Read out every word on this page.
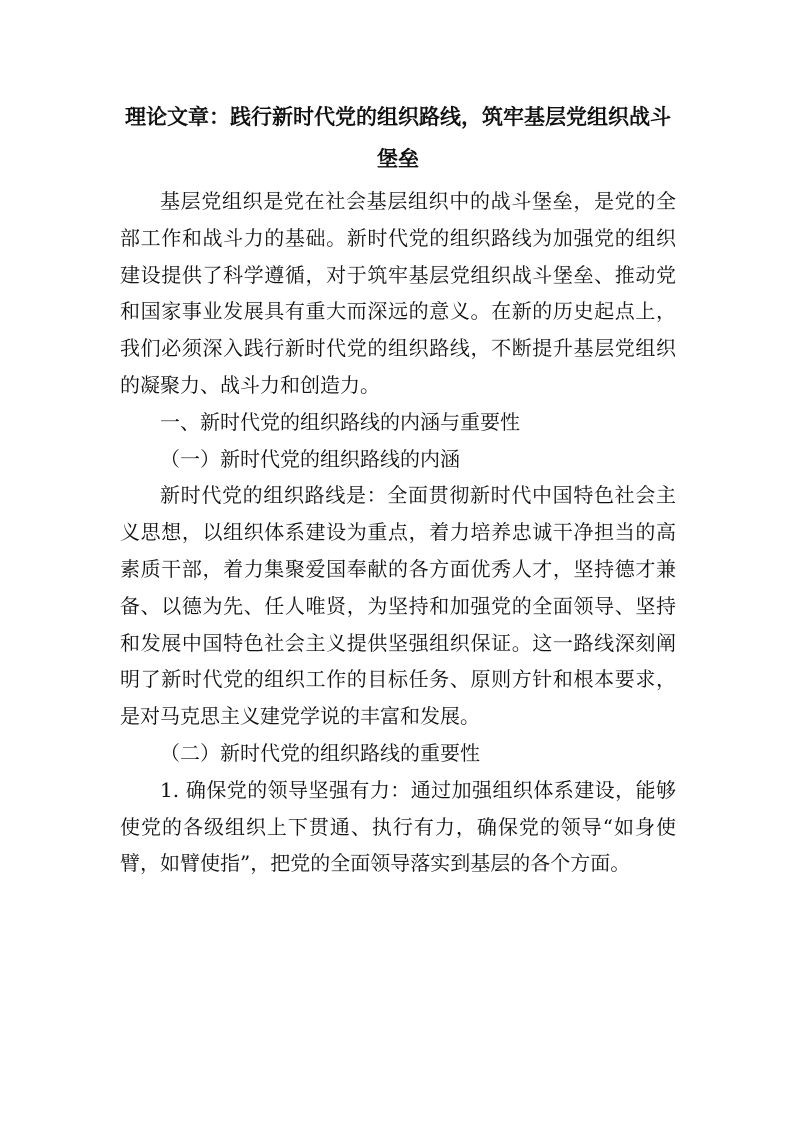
理论文章：践行新时代党的组织路线，筑牢基层党组织战斗堡垒

基层党组织是党在社会基层组织中的战斗堡垒，是党的全部工作和战斗力的基础。新时代党的组织路线为加强党的组织建设提供了科学遵循，对于筑牢基层党组织战斗堡垒、推动党和国家事业发展具有重大而深远的意义。在新的历史起点上，我们必须深入践行新时代党的组织路线，不断提升基层党组织的凝聚力、战斗力和创造力。

一、新时代党的组织路线的内涵与重要性

（一）新时代党的组织路线的内涵

新时代党的组织路线是：全面贯彻新时代中国特色社会主义思想，以组织体系建设为重点，着力培养忠诚干净担当的高素质干部，着力集聚爱国奉献的各方面优秀人才，坚持德才兼备、以德为先、任人唯贤，为坚持和加强党的全面领导、坚持和发展中国特色社会主义提供坚强组织保证。这一路线深刻阐明了新时代党的组织工作的目标任务、原则方针和根本要求，是对马克思主义建党学说的丰富和发展。

（二）新时代党的组织路线的重要性

1. 确保党的领导坚强有力：通过加强组织体系建设，能够使党的各级组织上下贯通、执行有力，确保党的领导“如身使臂，如臂使指”，把党的全面领导落实到基层的各个方面。
